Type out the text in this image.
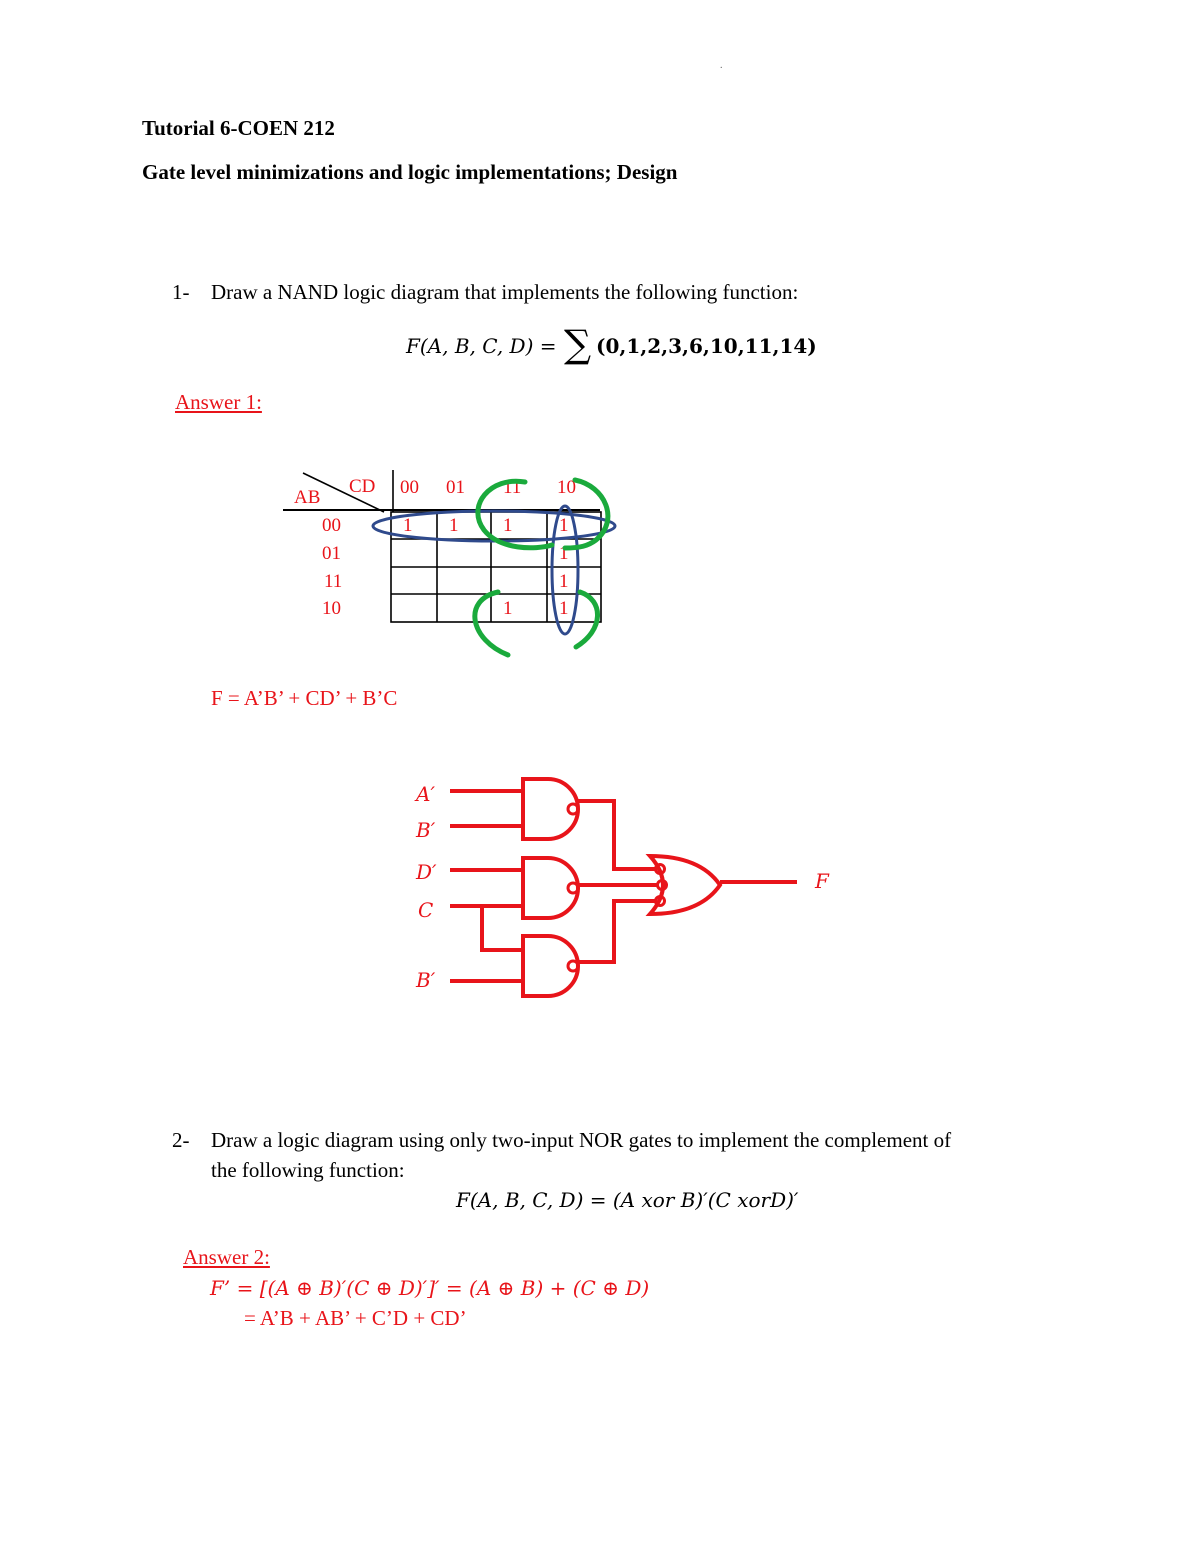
.
Tutorial 6-COEN 212
Gate level minimizations and logic implementations; Design
1- Draw a NAND logic diagram that implements the following function:
F(A, B, C, D) = ∑ (0,1,2,3,6,10,11,14)
Answer 1:
AB
CD 00 01 11 10
00
01
11
10
1 1 1 1
1
1
1 1
F = A’B’ + CD’ + B’C
A′
B′
D′
C
B′
F
2- Draw a logic diagram using only two-input NOR gates to implement the complement of
the following function:
F(A, B, C, D) = (A xor B)′(C xorD)′
Answer 2:
F’ = [(A ⊕ B)′(C ⊕ D)′]′ = (A ⊕ B) + (C ⊕ D)
= A’B + AB’ + C’D + CD’
